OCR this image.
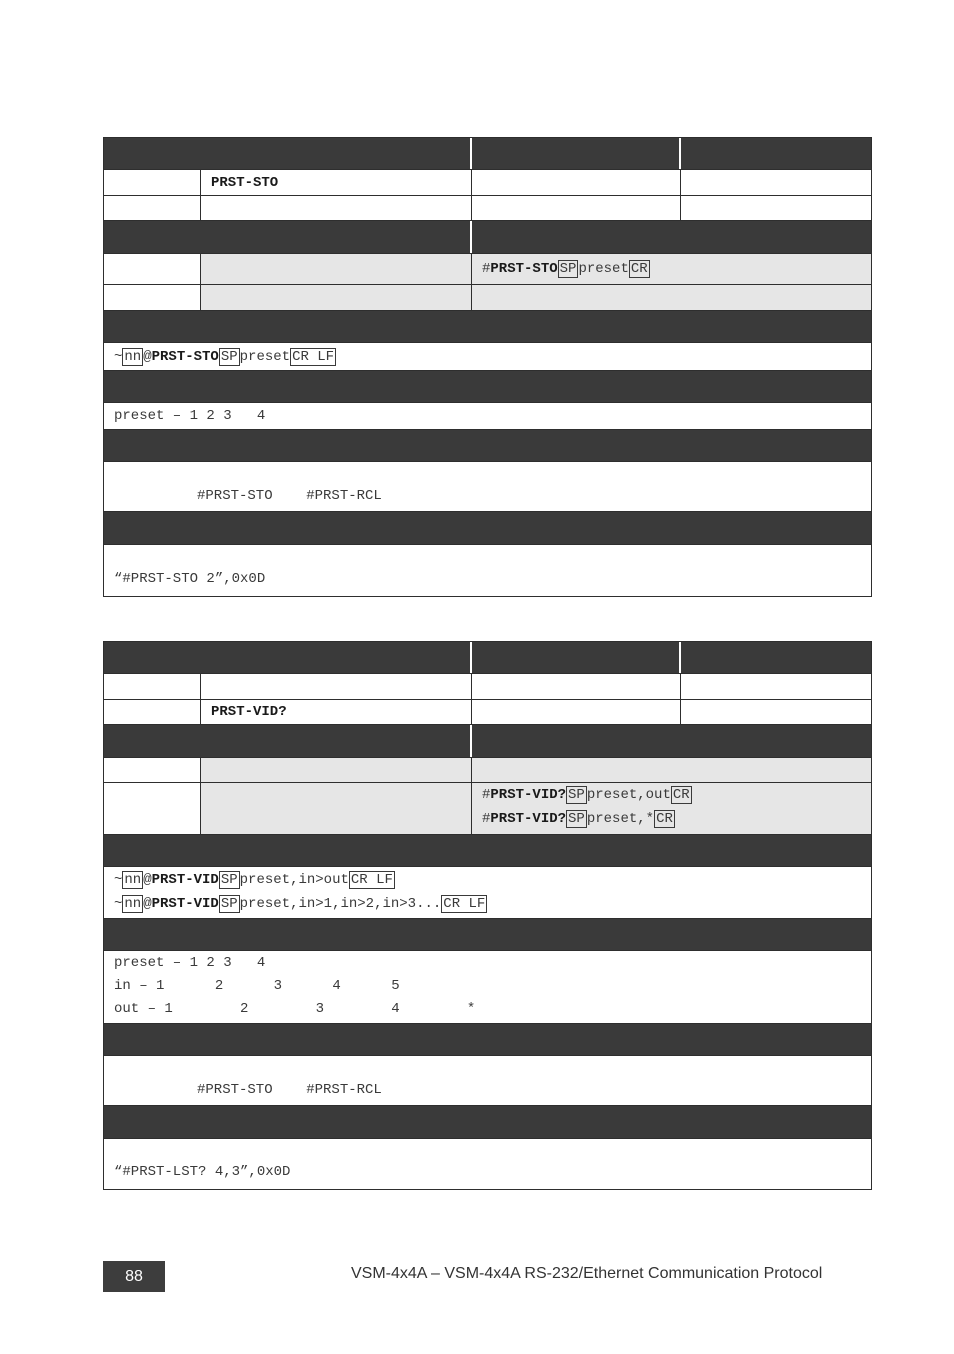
PRST-STO
#PRST-STO SP preset CR
~ nn @PRST-STO SP preset CR LF
preset – 1 2 3   4
#PRST-STO    #PRST-RCL
“#PRST-STO 2”,0x0D
PRST-VID?
#PRST-VID? SP preset,out CR
#PRST-VID? SP preset,* CR
~ nn @PRST-VID SP preset,in>out CR LF
~ nn @PRST-VID SP preset,in>1,in>2,in>3... CR LF
preset – 1 2 3   4
in – 1      2      3      4      5
out – 1        2        3        4        *
#PRST-STO    #PRST-RCL
“#PRST-LST? 4,3”,0x0D
88	VSM-4x4A – VSM-4x4A RS-232/Ethernet Communication Protocol
